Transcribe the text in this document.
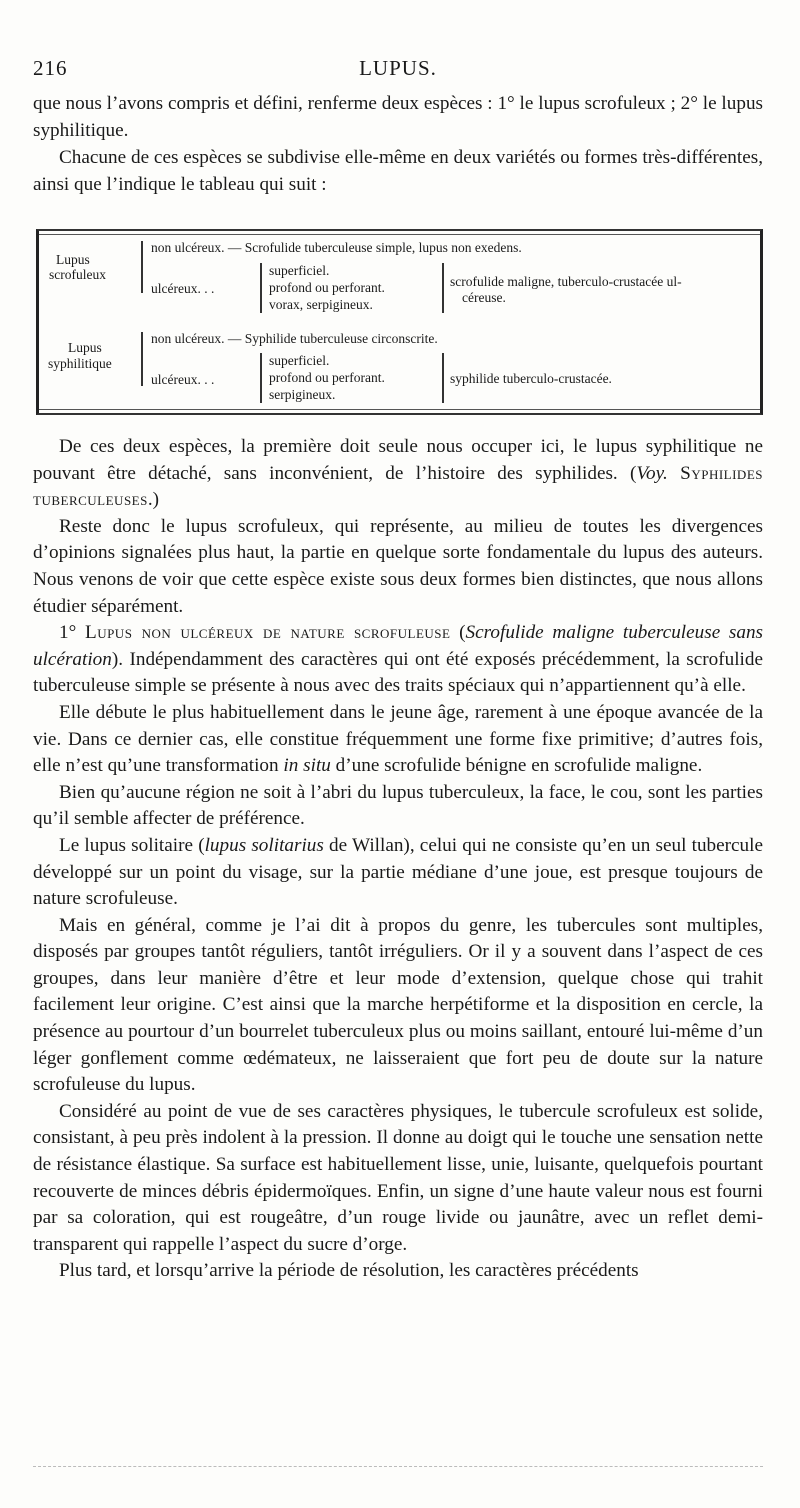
216	LUPUS.

que nous l’avons compris et défini, renferme deux espèces : 1° le lupus scrofuleux ; 2° le lupus syphilitique.

Chacune de ces espèces se subdivise elle-même en deux variétés ou formes très-différentes, ainsi que l’indique le tableau qui suit :

Lupus
scrofuleux
non ulcéreux. — Scrofulide tuberculeuse simple, lupus non exedens.
ulcéreux. . .
superficiel.
profond ou perforant.
vorax, serpigineux.
scrofulide maligne, tuberculo-crustacée ul-
céreuse.
Lupus
syphilitique
non ulcéreux. — Syphilide tuberculeuse circonscrite.
ulcéreux. . .
superficiel.
profond ou perforant.
serpigineux.
syphilide tuberculo-crustacée.

De ces deux espèces, la première doit seule nous occuper ici, le lupus syphilitique ne pouvant être détaché, sans inconvénient, de l’histoire des syphilides. (Voy. Syphilides tuberculeuses.)

Reste donc le lupus scrofuleux, qui représente, au milieu de toutes les divergences d’opinions signalées plus haut, la partie en quelque sorte fondamentale du lupus des auteurs. Nous venons de voir que cette espèce existe sous deux formes bien distinctes, que nous allons étudier séparément.

1° Lupus non ulcéreux de nature scrofuleuse (Scrofulide maligne tuberculeuse sans ulcération). Indépendamment des caractères qui ont été exposés précédemment, la scrofulide tuberculeuse simple se présente à nous avec des traits spéciaux qui n’appartiennent qu’à elle.

Elle débute le plus habituellement dans le jeune âge, rarement à une époque avancée de la vie. Dans ce dernier cas, elle constitue fréquemment une forme fixe primitive; d’autres fois, elle n’est qu’une transformation in situ d’une scrofulide bénigne en scrofulide maligne.

Bien qu’aucune région ne soit à l’abri du lupus tuberculeux, la face, le cou, sont les parties qu’il semble affecter de préférence.

Le lupus solitaire (lupus solitarius de Willan), celui qui ne consiste qu’en un seul tubercule développé sur un point du visage, sur la partie médiane d’une joue, est presque toujours de nature scrofuleuse.

Mais en général, comme je l’ai dit à propos du genre, les tubercules sont multiples, disposés par groupes tantôt réguliers, tantôt irréguliers. Or il y a souvent dans l’aspect de ces groupes, dans leur manière d’être et leur mode d’extension, quelque chose qui trahit facilement leur origine. C’est ainsi que la marche herpétiforme et la disposition en cercle, la présence au pourtour d’un bourrelet tuberculeux plus ou moins saillant, entouré lui-même d’un léger gonflement comme œdémateux, ne laisseraient que fort peu de doute sur la nature scrofuleuse du lupus.

Considéré au point de vue de ses caractères physiques, le tubercule scrofuleux est solide, consistant, à peu près indolent à la pression. Il donne au doigt qui le touche une sensation nette de résistance élastique. Sa surface est habituellement lisse, unie, luisante, quelquefois pourtant recouverte de minces débris épidermoïques. Enfin, un signe d’une haute valeur nous est fourni par sa coloration, qui est rougeâtre, d’un rouge livide ou jaunâtre, avec un reflet demi-transparent qui rappelle l’aspect du sucre d’orge.

Plus tard, et lorsqu’arrive la période de résolution, les caractères précédents
